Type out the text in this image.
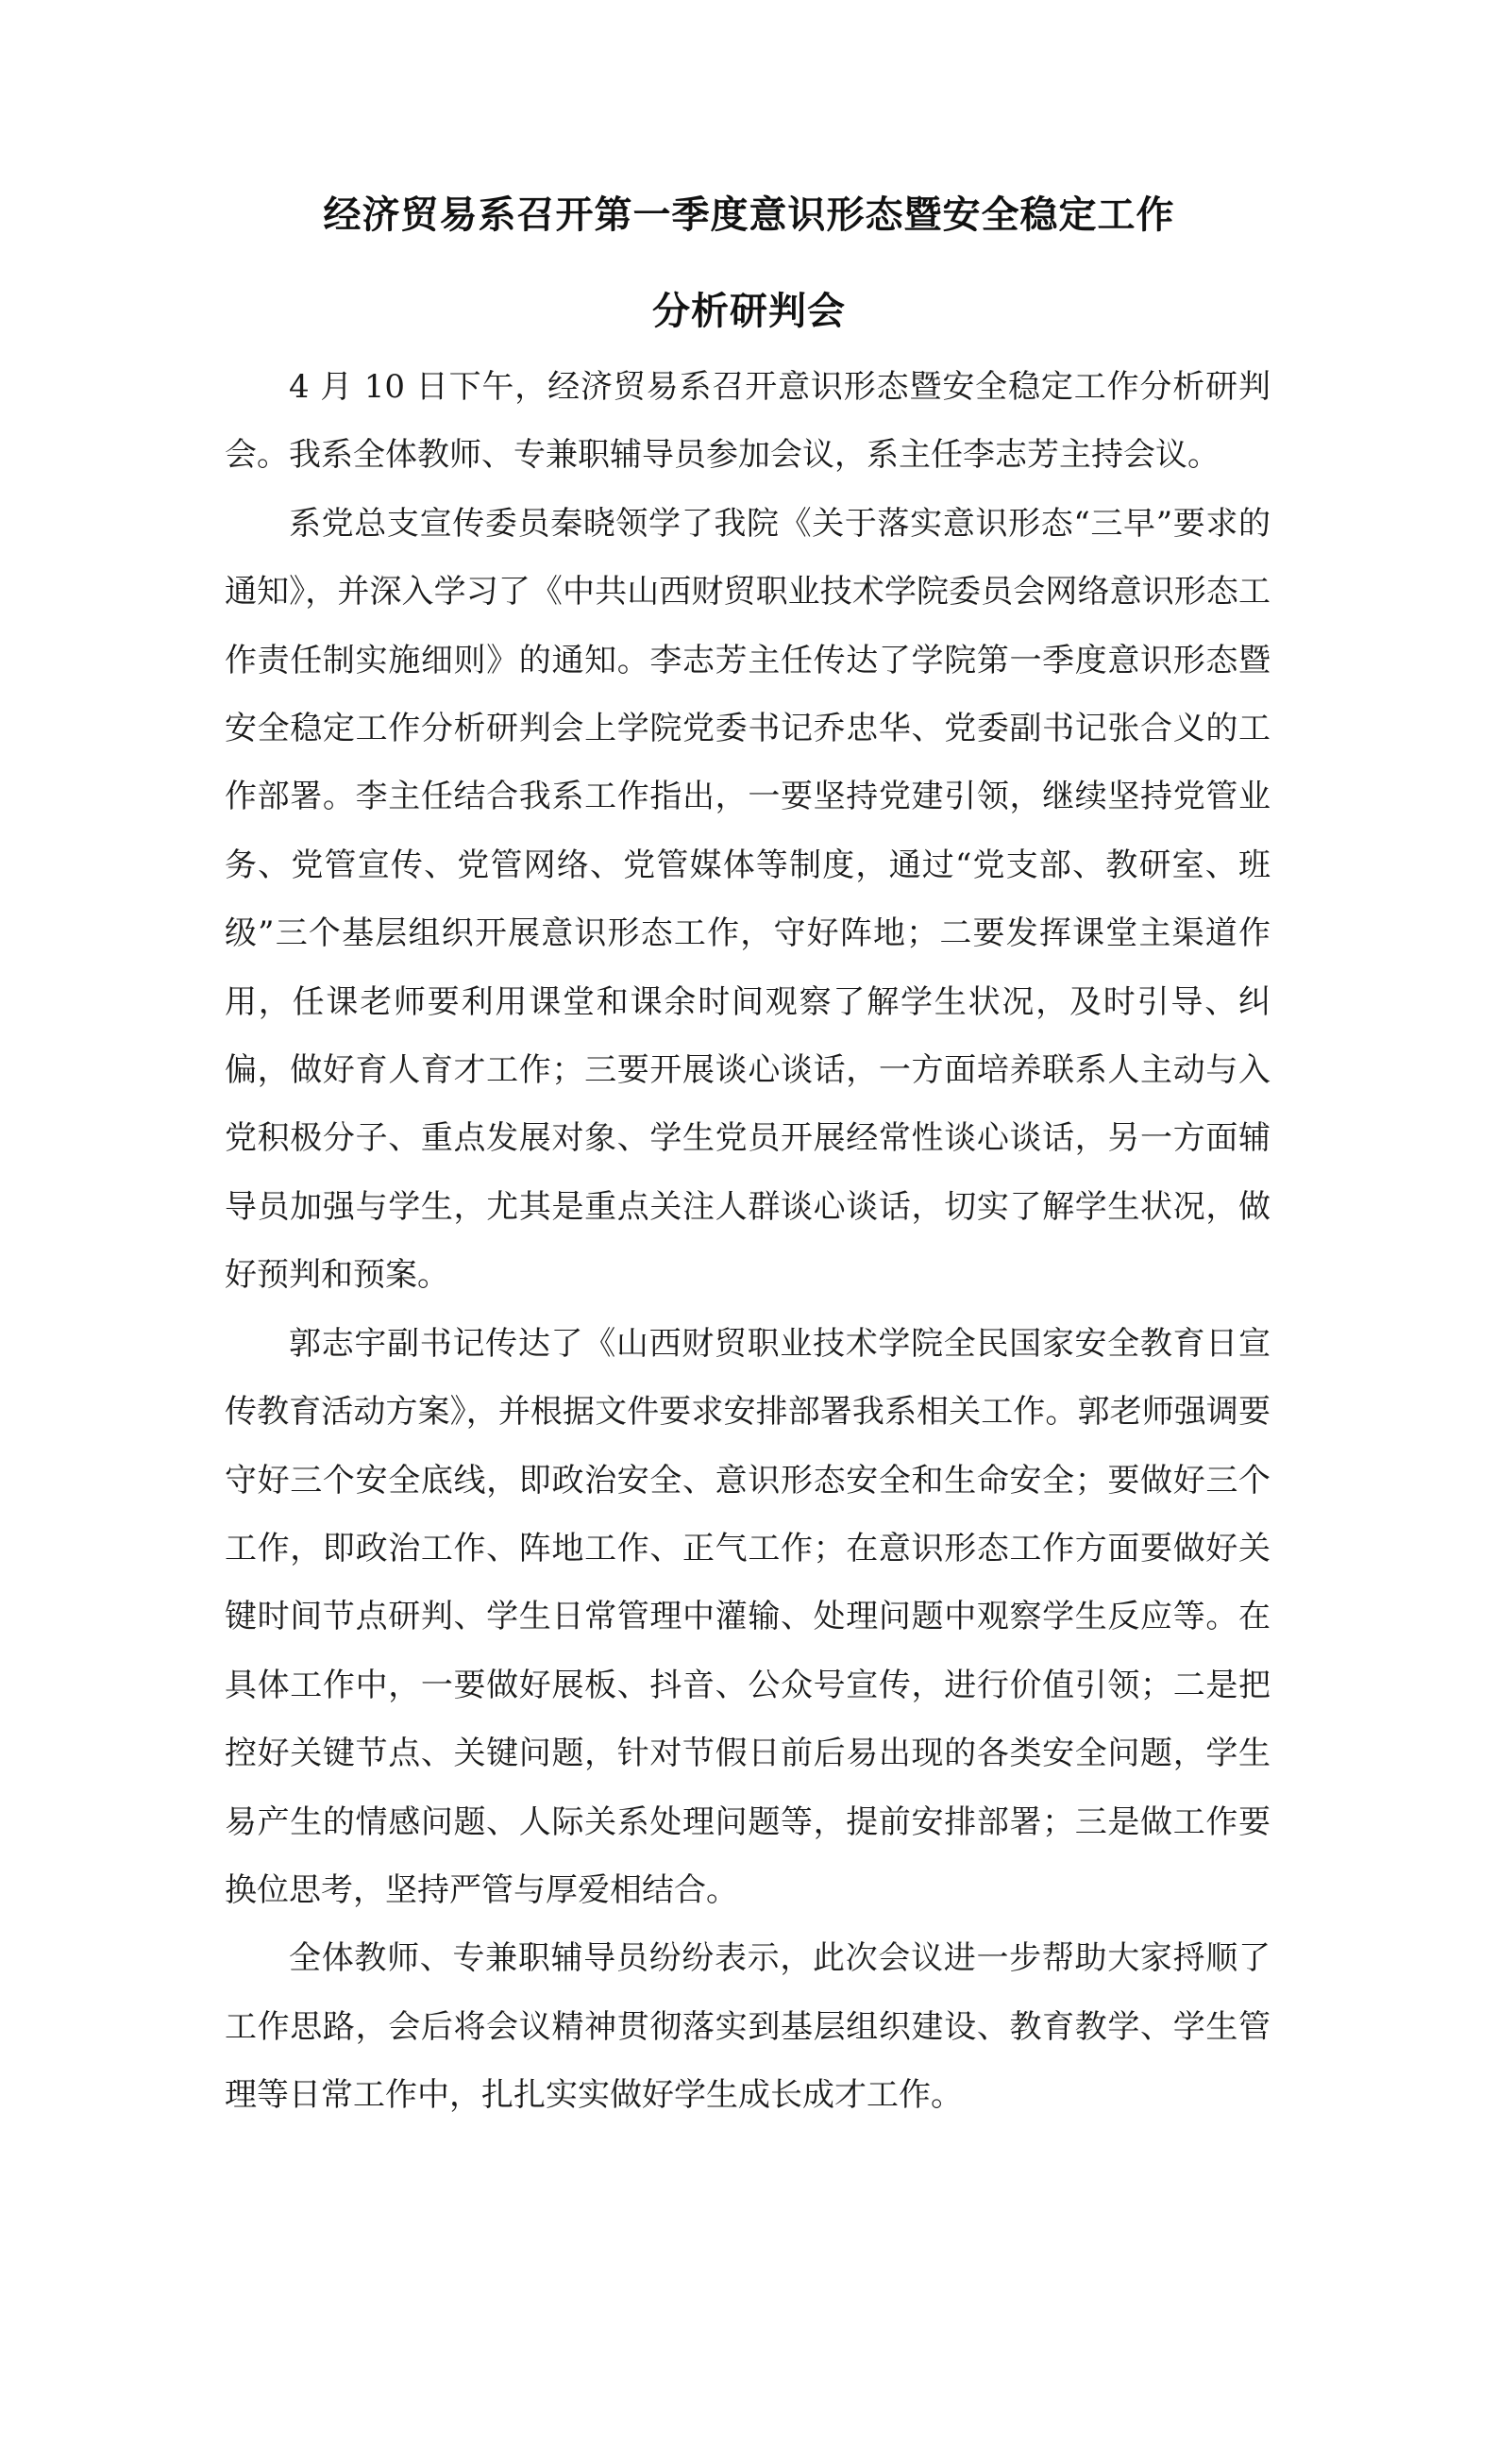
经济贸易系召开第一季度意识形态暨安全稳定工作
分析研判会

4 月 10 日下午，经济贸易系召开意识形态暨安全稳定工作分析研判会。我系全体教师、专兼职辅导员参加会议，系主任李志芳主持会议。

系党总支宣传委员秦晓领学了我院《关于落实意识形态“三早”要求的通知》，并深入学习了《中共山西财贸职业技术学院委员会网络意识形态工作责任制实施细则》的通知。李志芳主任传达了学院第一季度意识形态暨安全稳定工作分析研判会上学院党委书记乔忠华、党委副书记张合义的工作部署。李主任结合我系工作指出，一要坚持党建引领，继续坚持党管业务、党管宣传、党管网络、党管媒体等制度，通过“党支部、教研室、班级”三个基层组织开展意识形态工作，守好阵地；二要发挥课堂主渠道作用，任课老师要利用课堂和课余时间观察了解学生状况，及时引导、纠偏，做好育人育才工作；三要开展谈心谈话，一方面培养联系人主动与入党积极分子、重点发展对象、学生党员开展经常性谈心谈话，另一方面辅导员加强与学生，尤其是重点关注人群谈心谈话，切实了解学生状况，做好预判和预案。

郭志宇副书记传达了《山西财贸职业技术学院全民国家安全教育日宣传教育活动方案》，并根据文件要求安排部署我系相关工作。郭老师强调要守好三个安全底线，即政治安全、意识形态安全和生命安全；要做好三个工作，即政治工作、阵地工作、正气工作；在意识形态工作方面要做好关键时间节点研判、学生日常管理中灌输、处理问题中观察学生反应等。在具体工作中，一要做好展板、抖音、公众号宣传，进行价值引领；二是把控好关键节点、关键问题，针对节假日前后易出现的各类安全问题，学生易产生的情感问题、人际关系处理问题等，提前安排部署；三是做工作要换位思考，坚持严管与厚爱相结合。

全体教师、专兼职辅导员纷纷表示，此次会议进一步帮助大家捋顺了工作思路，会后将会议精神贯彻落实到基层组织建设、教育教学、学生管理等日常工作中，扎扎实实做好学生成长成才工作。
